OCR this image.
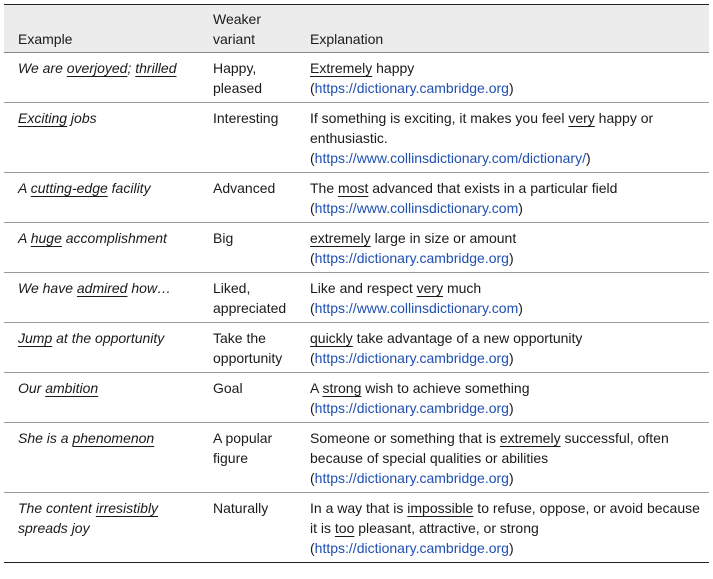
Example	Weaker variant	Explanation
We are overjoyed; thrilled	Happy, pleased	Extremely happy
(https://dictionary.cambridge.org)

Exciting jobs	Interesting	If something is exciting, it makes you feel very happy or enthusiastic.
(https://www.collinsdictionary.com/dictionary/)

A cutting-edge facility	Advanced	The most advanced that exists in a particular field
(https://www.collinsdictionary.com)

A huge accomplishment	Big	extremely large in size or amount
(https://dictionary.cambridge.org)

We have admired how…	Liked, appreciated	Like and respect very much
(https://www.collinsdictionary.com)

Jump at the opportunity	Take the opportunity	quickly take advantage of a new opportunity
(https://dictionary.cambridge.org)

Our ambition	Goal	A strong wish to achieve something
(https://dictionary.cambridge.org)

She is a phenomenon	A popular figure	Someone or something that is extremely successful, often because of special qualities or abilities
(https://dictionary.cambridge.org)

The content irresistibly spreads joy	Naturally	In a way that is impossible to refuse, oppose, or avoid because it is too pleasant, attractive, or strong
(https://dictionary.cambridge.org)
